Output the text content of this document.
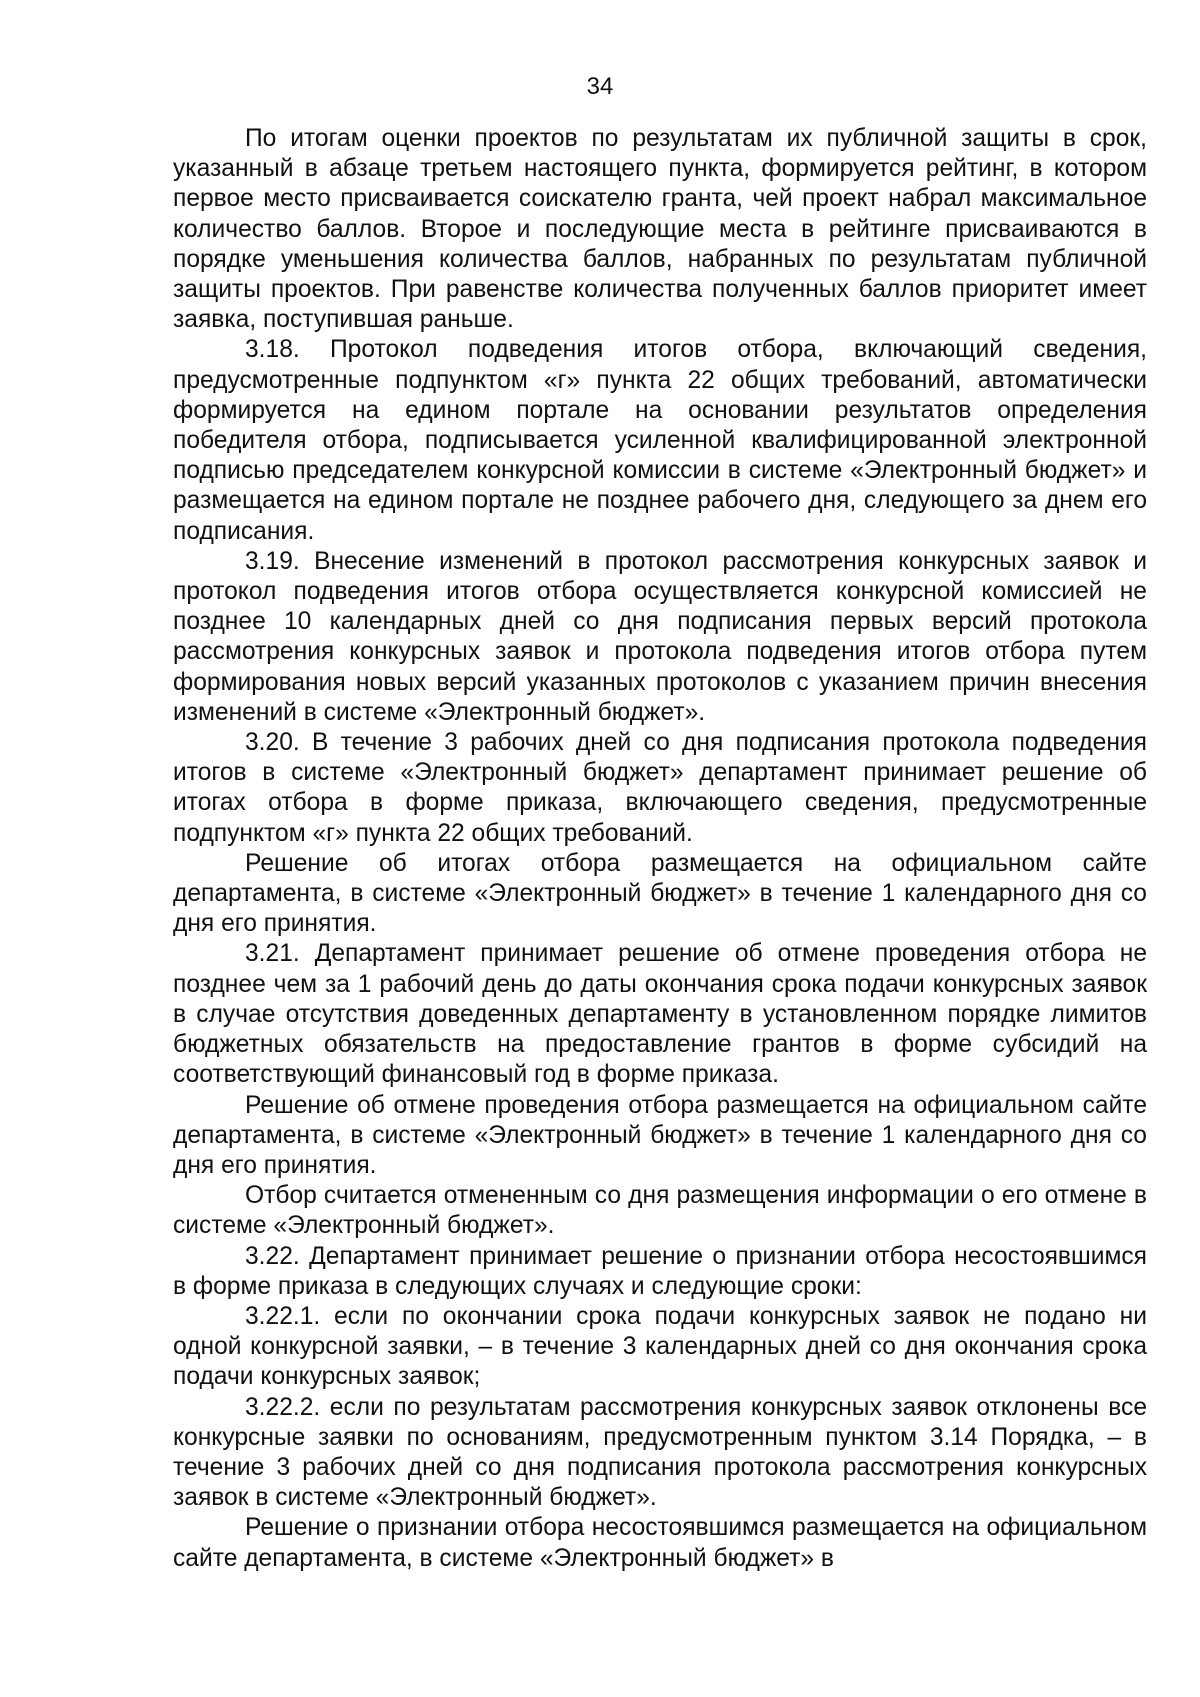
34

По итогам оценки проектов по результатам их публичной защиты в срок, указанный в абзаце третьем настоящего пункта, формируется рейтинг, в котором первое место присваивается соискателю гранта, чей проект набрал максимальное количество баллов. Второе и последующие места в рейтинге присваиваются в порядке уменьшения количества баллов, набранных по результатам публичной защиты проектов. При равенстве количества полученных баллов приоритет имеет заявка, поступившая раньше.

3.18. Протокол подведения итогов отбора, включающий сведения, предусмотренные подпунктом «г» пункта 22 общих требований, автоматически формируется на едином портале на основании результатов определения победителя отбора, подписывается усиленной квалифицированной электронной подписью председателем конкурсной комиссии в системе «Электронный бюджет» и размещается на едином портале не позднее рабочего дня, следующего за днем его подписания.

3.19. Внесение изменений в протокол рассмотрения конкурсных заявок и протокол подведения итогов отбора осуществляется конкурсной комиссией не позднее 10 календарных дней со дня подписания первых версий протокола рассмотрения конкурсных заявок и протокола подведения итогов отбора путем формирования новых версий указанных протоколов с указанием причин внесения изменений в системе «Электронный бюджет».

3.20. В течение 3 рабочих дней со дня подписания протокола подведения итогов в системе «Электронный бюджет» департамент принимает решение об итогах отбора в форме приказа, включающего сведения, предусмотренные подпунктом «г» пункта 22 общих требований.

Решение об итогах отбора размещается на официальном сайте департамента, в системе «Электронный бюджет» в течение 1 календарного дня со дня его принятия.

3.21. Департамент принимает решение об отмене проведения отбора не позднее чем за 1 рабочий день до даты окончания срока подачи конкурсных заявок в случае отсутствия доведенных департаменту в установленном порядке лимитов бюджетных обязательств на предоставление грантов в форме субсидий на соответствующий финансовый год в форме приказа.

Решение об отмене проведения отбора размещается на официальном сайте департамента, в системе «Электронный бюджет» в течение 1 календарного дня со дня его принятия.

Отбор считается отмененным со дня размещения информации о его отмене в системе «Электронный бюджет».

3.22. Департамент принимает решение о признании отбора несостоявшимся в форме приказа в следующих случаях и следующие сроки:

3.22.1. если по окончании срока подачи конкурсных заявок не подано ни одной конкурсной заявки, – в течение 3 календарных дней со дня окончания срока подачи конкурсных заявок;

3.22.2. если по результатам рассмотрения конкурсных заявок отклонены все конкурсные заявки по основаниям, предусмотренным пунктом 3.14 Порядка, – в течение 3 рабочих дней со дня подписания протокола рассмотрения конкурсных заявок в системе «Электронный бюджет».

Решение о признании отбора несостоявшимся размещается на официальном сайте департамента, в системе «Электронный бюджет» в
